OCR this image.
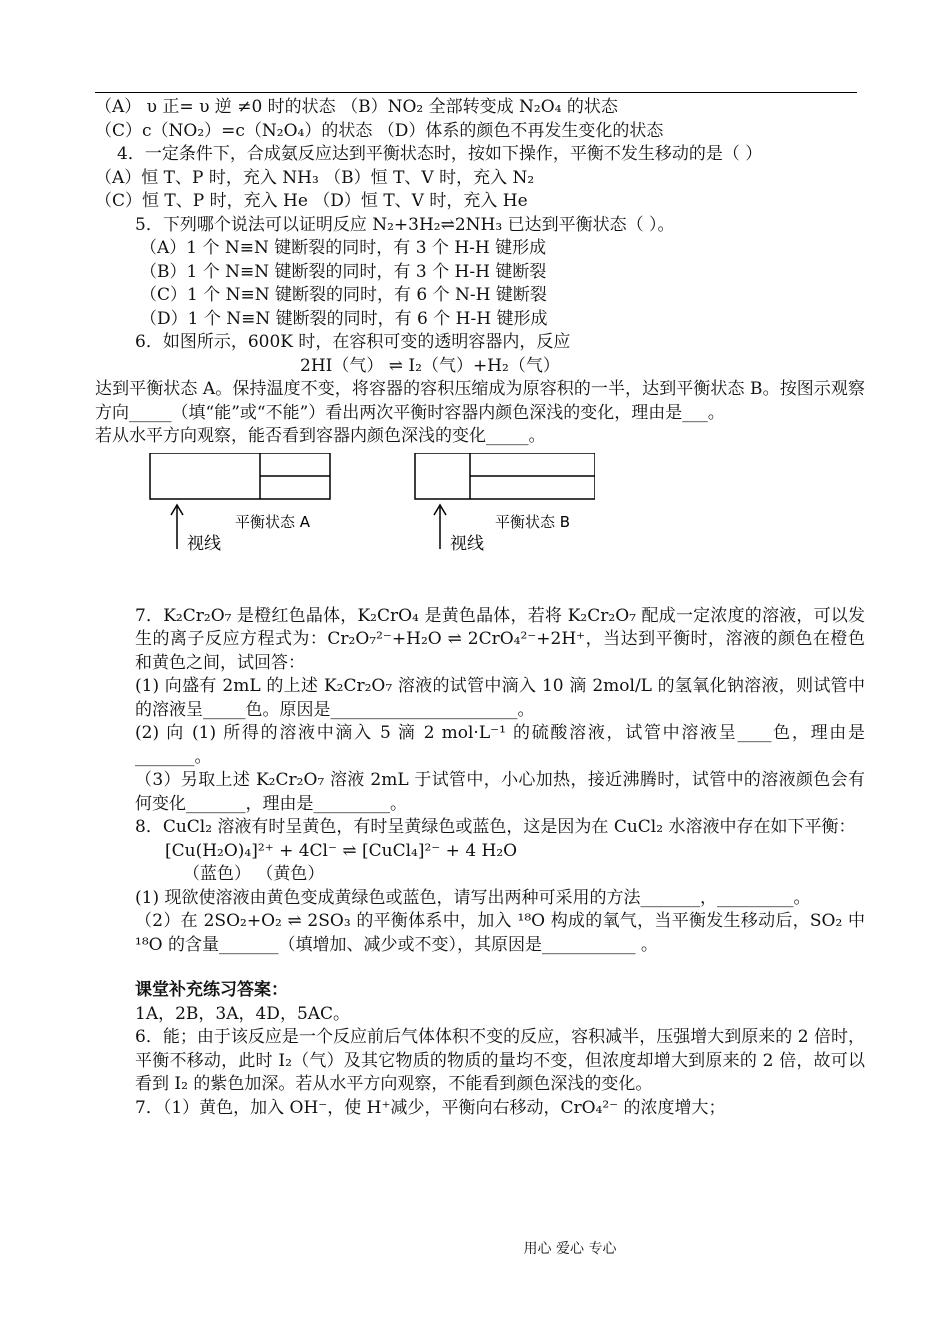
（A） υ 正= υ 逆 ≠0 时的状态 （B）NO₂ 全部转变成 N₂O₄ 的状态
（C）c（NO₂）=c（N₂O₄）的状态 （D）体系的颜色不再发生变化的状态
4．一定条件下，合成氨反应达到平衡状态时，按如下操作，平衡不发生移动的是（ ）
（A）恒 T、P 时，充入 NH₃ （B）恒 T、V 时，充入 N₂
（C）恒 T、P 时，充入 He （D）恒 T、V 时，充入 He
5．下列哪个说法可以证明反应 N₂+3H₂⇌2NH₃ 已达到平衡状态（ ）。
（A）1 个 N≡N 键断裂的同时，有 3 个 H-H 键形成
（B）1 个 N≡N 键断裂的同时，有 3 个 H-H 键断裂
（C）1 个 N≡N 键断裂的同时，有 6 个 N-H 键断裂
（D）1 个 N≡N 键断裂的同时，有 6 个 H-H 键形成
6．如图所示，600K 时，在容积可变的透明容器内，反应
2HI（气） ⇌ I₂（气）+H₂（气）
达到平衡状态 A。保持温度不变，将容器的容积压缩成为原容积的一半，达到平衡状态 B。按图示观察方向_____（填“能”或“不能”）看出两次平衡时容器内颜色深浅的变化，理由是___。
若从水平方向观察，能否看到容器内颜色深浅的变化_____。
平衡状态 A
视线
平衡状态 B
视线
7．K₂Cr₂O₇ 是橙红色晶体，K₂CrO₄ 是黄色晶体，若将 K₂Cr₂O₇ 配成一定浓度的溶液，可以发生的离子反应方程式为：Cr₂O₇²⁻+H₂O ⇌ 2CrO₄²⁻+2H⁺，当达到平衡时，溶液的颜色在橙色和黄色之间，试回答：
(1) 向盛有 2mL 的上述 K₂Cr₂O₇ 溶液的试管中滴入 10 滴 2mol/L 的氢氧化钠溶液，则试管中的溶液呈_____色。原因是______________________。
(2) 向 (1) 所得的溶液中滴入 5 滴 2 mol·L⁻¹ 的硫酸溶液，试管中溶液呈____色，理由是_______。
（3）另取上述 K₂Cr₂O₇ 溶液 2mL 于试管中，小心加热，接近沸腾时，试管中的溶液颜色会有何变化_______，理由是_________。
8．CuCl₂ 溶液有时呈黄色，有时呈黄绿色或蓝色，这是因为在 CuCl₂ 水溶液中存在如下平衡：
[Cu(H₂O)₄]²⁺ + 4Cl⁻ ⇌ [CuCl₄]²⁻ + 4 H₂O
（蓝色） （黄色）
(1) 现欲使溶液由黄色变成黄绿色或蓝色，请写出两种可采用的方法_______，_________。
（2）在 2SO₂+O₂ ⇌ 2SO₃ 的平衡体系中，加入 ¹⁸O 构成的氧气，当平衡发生移动后，SO₂ 中 ¹⁸O 的含量_______（填增加、减少或不变），其原因是___________ 。
课堂补充练习答案：
1A，2B，3A，4D，5AC。
6．能；由于该反应是一个反应前后气体体积不变的反应，容积减半，压强增大到原来的 2 倍时，平衡不移动，此时 I₂（气）及其它物质的物质的量均不变，但浓度却增大到原来的 2 倍，故可以看到 I₂ 的紫色加深。若从水平方向观察，不能看到颜色深浅的变化。
7．（1）黄色，加入 OH⁻，使 H⁺减少，平衡向右移动，CrO₄²⁻ 的浓度增大；
用心 爱心 专心
